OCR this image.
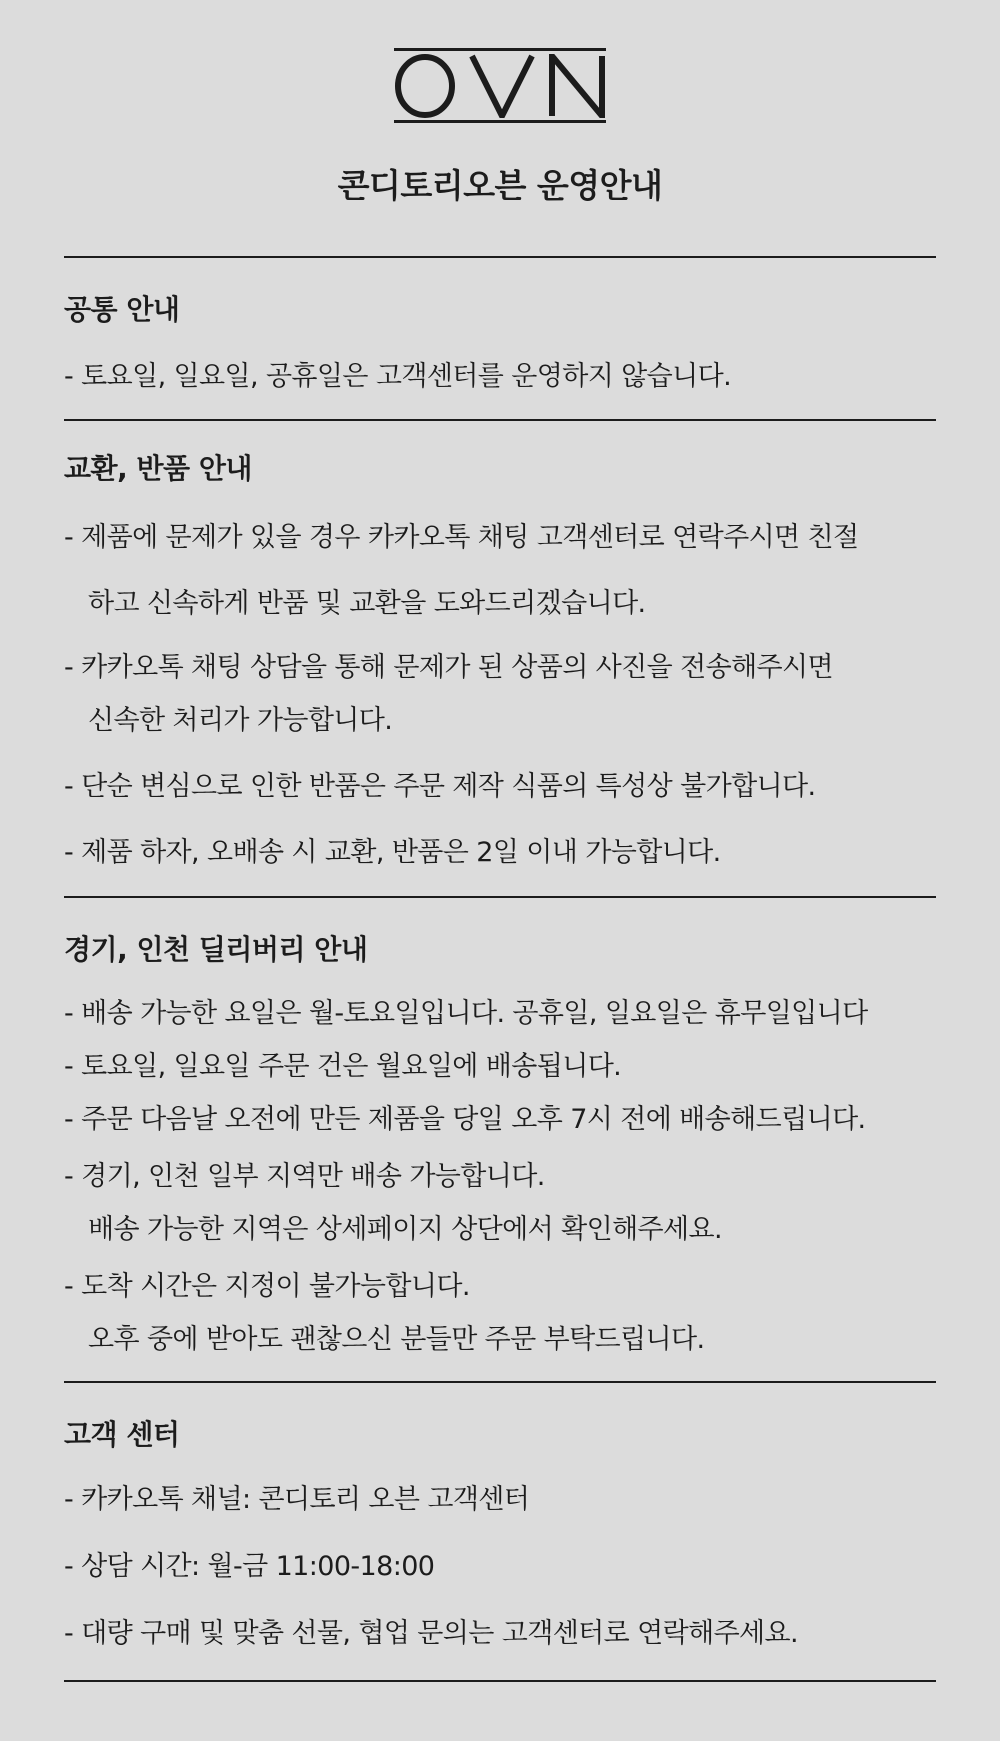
콘디토리오븐 운영안내
공통 안내
- 토요일, 일요일, 공휴일은 고객센터를 운영하지 않습니다.
교환, 반품 안내
- 제품에 문제가 있을 경우 카카오톡 채팅 고객센터로 연락주시면 친절
하고 신속하게 반품 및 교환을 도와드리겠습니다.
- 카카오톡 채팅 상담을 통해 문제가 된 상품의 사진을 전송해주시면
신속한 처리가 가능합니다.
- 단순 변심으로 인한 반품은 주문 제작 식품의 특성상 불가합니다.
- 제품 하자, 오배송 시 교환, 반품은 2일 이내 가능합니다.
경기, 인천 딜리버리 안내
- 배송 가능한 요일은 월-토요일입니다. 공휴일, 일요일은 휴무일입니다
- 토요일, 일요일 주문 건은 월요일에 배송됩니다.
- 주문 다음날 오전에 만든 제품을 당일 오후 7시 전에 배송해드립니다.
- 경기, 인천 일부 지역만 배송 가능합니다.
배송 가능한 지역은 상세페이지 상단에서 확인해주세요.
- 도착 시간은 지정이 불가능합니다.
오후 중에 받아도 괜찮으신 분들만 주문 부탁드립니다.
고객 센터
- 카카오톡 채널: 콘디토리 오븐 고객센터
- 상담 시간: 월-금 11:00-18:00
- 대량 구매 및 맞춤 선물, 협업 문의는 고객센터로 연락해주세요.
